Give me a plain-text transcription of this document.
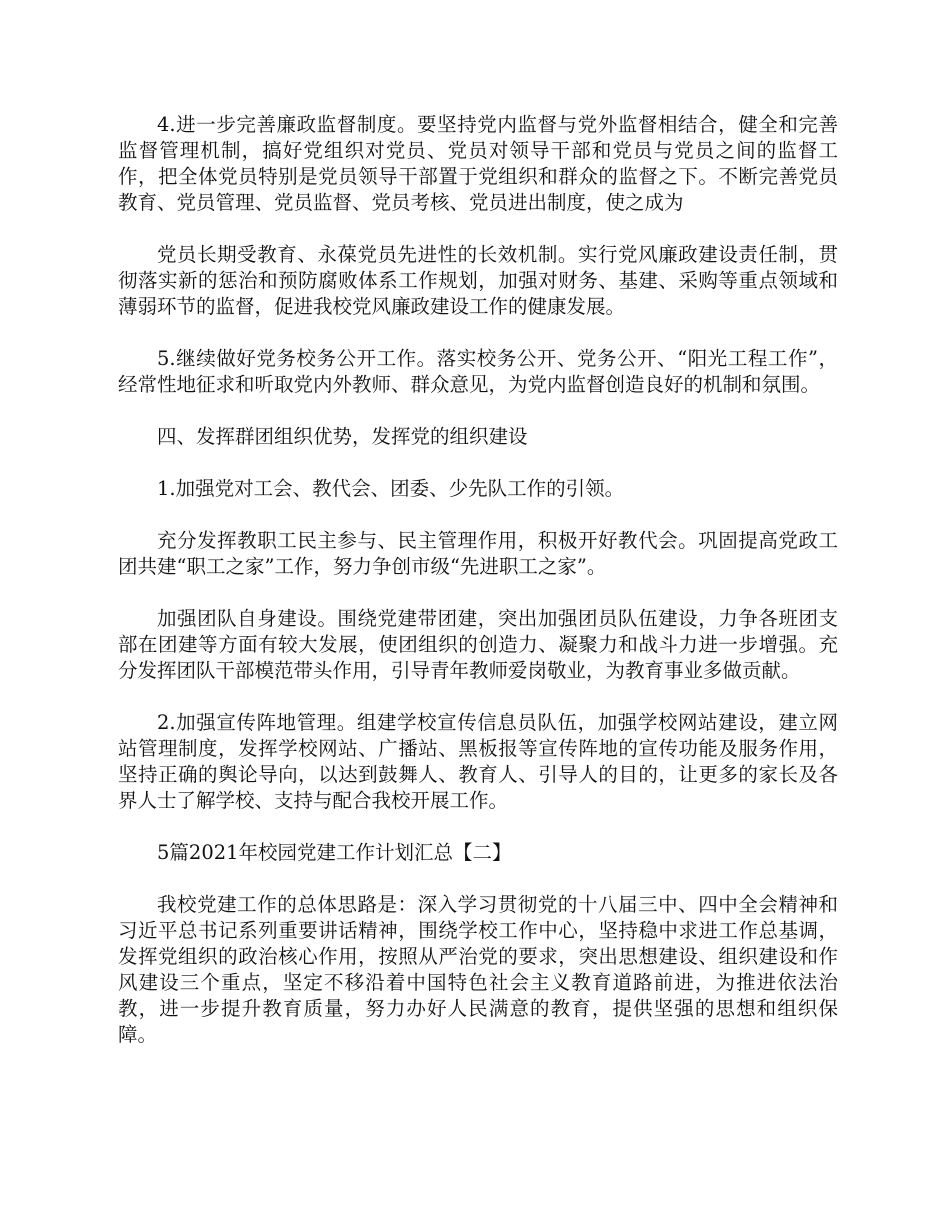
4.进一步完善廉政监督制度。要坚持党内监督与党外监督相结合，健全和完善监督管理机制，搞好党组织对党员、党员对领导干部和党员与党员之间的监督工作，把全体党员特别是党员领导干部置于党组织和群众的监督之下。不断完善党员教育、党员管理、党员监督、党员考核、党员进出制度，使之成为

党员长期受教育、永葆党员先进性的长效机制。实行党风廉政建设责任制，贯彻落实新的惩治和预防腐败体系工作规划，加强对财务、基建、采购等重点领域和薄弱环节的监督，促进我校党风廉政建设工作的健康发展。

5.继续做好党务校务公开工作。落实校务公开、党务公开、“阳光工程工作”，经常性地征求和听取党内外教师、群众意见，为党内监督创造良好的机制和氛围。

四、发挥群团组织优势，发挥党的组织建设

1.加强党对工会、教代会、团委、少先队工作的引领。

充分发挥教职工民主参与、民主管理作用，积极开好教代会。巩固提高党政工团共建“职工之家”工作，努力争创市级“先进职工之家”。

加强团队自身建设。围绕党建带团建，突出加强团员队伍建设，力争各班团支部在团建等方面有较大发展，使团组织的创造力、凝聚力和战斗力进一步增强。充分发挥团队干部模范带头作用，引导青年教师爱岗敬业，为教育事业多做贡献。

2.加强宣传阵地管理。组建学校宣传信息员队伍，加强学校网站建设，建立网站管理制度，发挥学校网站、广播站、黑板报等宣传阵地的宣传功能及服务作用，坚持正确的舆论导向，以达到鼓舞人、教育人、引导人的目的，让更多的家长及各界人士了解学校、支持与配合我校开展工作。

5篇2021年校园党建工作计划汇总【二】

我校党建工作的总体思路是：深入学习贯彻党的十八届三中、四中全会精神和习近平总书记系列重要讲话精神，围绕学校工作中心，坚持稳中求进工作总基调，发挥党组织的政治核心作用，按照从严治党的要求，突出思想建设、组织建设和作风建设三个重点，坚定不移沿着中国特色社会主义教育道路前进，为推进依法治教，进一步提升教育质量，努力办好人民满意的教育，提供坚强的思想和组织保障。
